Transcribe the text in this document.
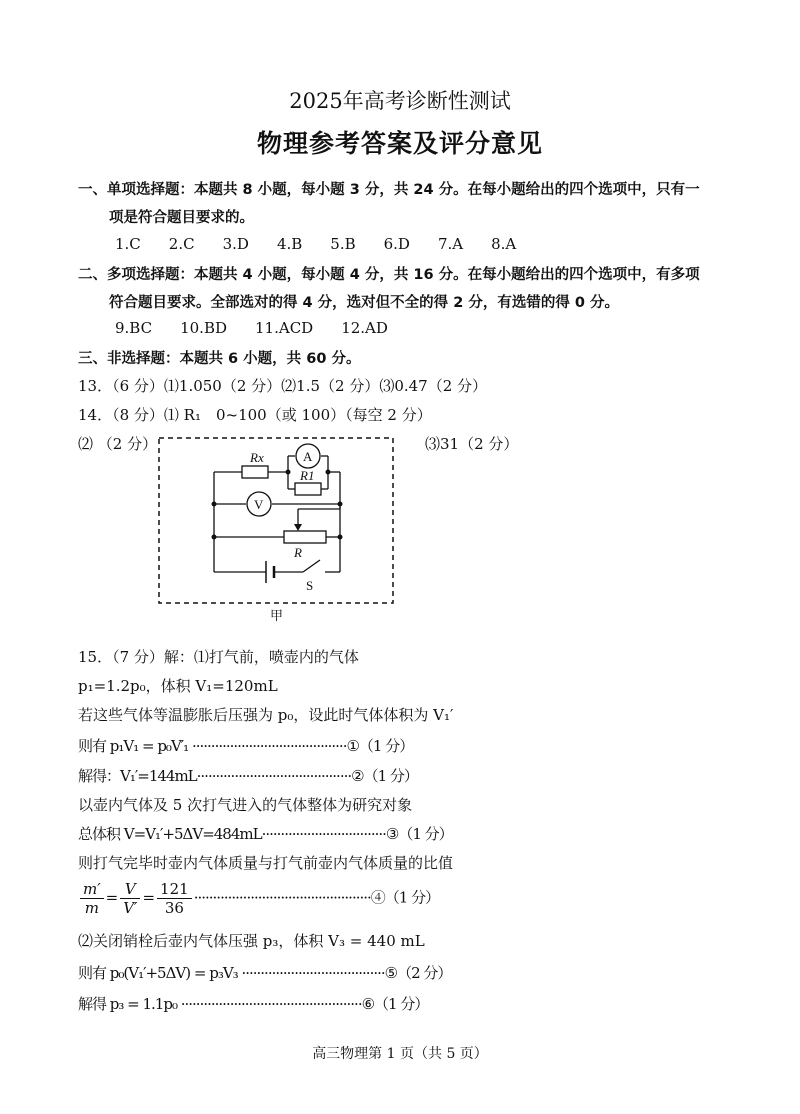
2025年高考诊断性测试
物理参考答案及评分意见
一、单项选择题：本题共 8 小题，每小题 3 分，共 24 分。在每小题给出的四个选项中，只有一
项是符合题目要求的。
1.C 2.C 3.D 4.B 5.B 6.D 7.A 8.A
二、多项选择题：本题共 4 小题，每小题 4 分，共 16 分。在每小题给出的四个选项中，有多项
符合题目要求。全部选对的得 4 分，选对但不全的得 2 分，有选错的得 0 分。
9.BC 10.BD 11.ACD 12.AD
三、非选择题：本题共 6 小题，共 60 分。
13．（6 分）⑴1.050（2 分）⑵1.5（2 分）⑶0.47（2 分）
14．（8 分）⑴ R₁　0~100（或 100）（每空 2 分）
⑵ （2 分）	⑶31（2 分）
Rx	A
R1
V
R
S
甲
15．（7 分）解：⑴打气前，喷壶内的气体
p₁=1.2p₀，体积 V₁=120mL
若这些气体等温膨胀后压强为 p₀，设此时气体体积为 V₁′
则有 p₁V₁ = p₀V′₁ ·········································①（1 分）
解得：V₁′=144mL·········································②（1 分）
以壶内气体及 5 次打气进入的气体整体为研究对象
总体积 V=V₁′+5ΔV=484mL·································③（1 分）
则打气完毕时壶内气体质量与打气前壶内气体质量的比值
$\frac{m'}{m} = \frac{V}{V'} = \frac{121}{36}$ ···············································④（1 分）
⑵关闭销栓后壶内气体压强 p₃，体积 V₃ = 440 mL
则有 p₀(V₁′+5ΔV) = p₃V₃ ······································⑤（2 分）
解得 p₃ = 1.1p₀ ················································⑥（1 分）
高三物理第 1 页（共 5 页）
